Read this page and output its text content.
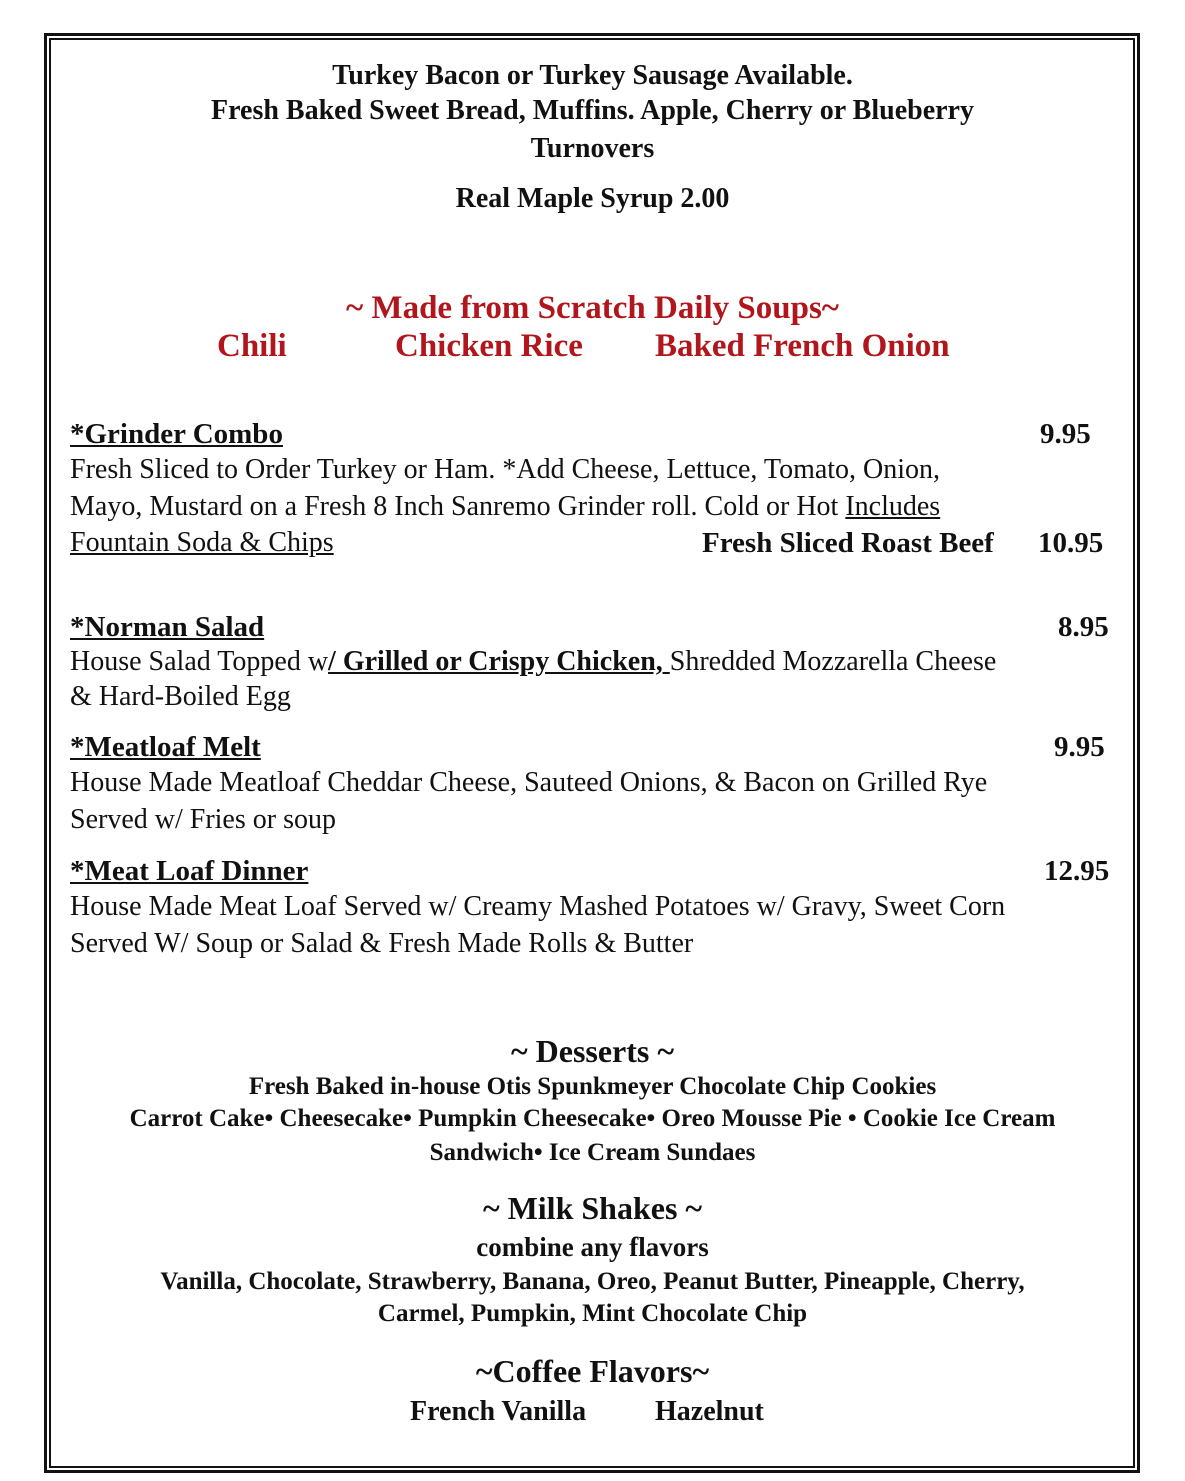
Turkey Bacon or Turkey Sausage Available.
Fresh Baked Sweet Bread, Muffins. Apple, Cherry or Blueberry
Turnovers
Real Maple Syrup 2.00
~ Made from Scratch Daily Soups~
Chili	Chicken Rice Baked French Onion
*Grinder Combo	9.95
Fresh Sliced to Order Turkey or Ham. *Add Cheese, Lettuce, Tomato, Onion,
Mayo, Mustard on a Fresh 8 Inch Sanremo Grinder roll. Cold or Hot Includes
Fountain Soda & Chips	Fresh Sliced Roast Beef 10.95
*Norman Salad	8.95
House Salad Topped w/ Grilled or Crispy Chicken, Shredded Mozzarella Cheese
& Hard-Boiled Egg
*Meatloaf Melt	9.95
House Made Meatloaf Cheddar Cheese, Sauteed Onions, & Bacon on Grilled Rye
Served w/ Fries or soup
*Meat Loaf Dinner	12.95
House Made Meat Loaf Served w/ Creamy Mashed Potatoes w/ Gravy, Sweet Corn
Served W/ Soup or Salad & Fresh Made Rolls & Butter
~ Desserts ~
Fresh Baked in-house Otis Spunkmeyer Chocolate Chip Cookies
Carrot Cake• Cheesecake• Pumpkin Cheesecake• Oreo Mousse Pie • Cookie Ice Cream
Sandwich• Ice Cream Sundaes
~ Milk Shakes ~
combine any flavors
Vanilla, Chocolate, Strawberry, Banana, Oreo, Peanut Butter, Pineapple, Cherry,
Carmel, Pumpkin, Mint Chocolate Chip
~Coffee Flavors~
French Vanilla Hazelnut
